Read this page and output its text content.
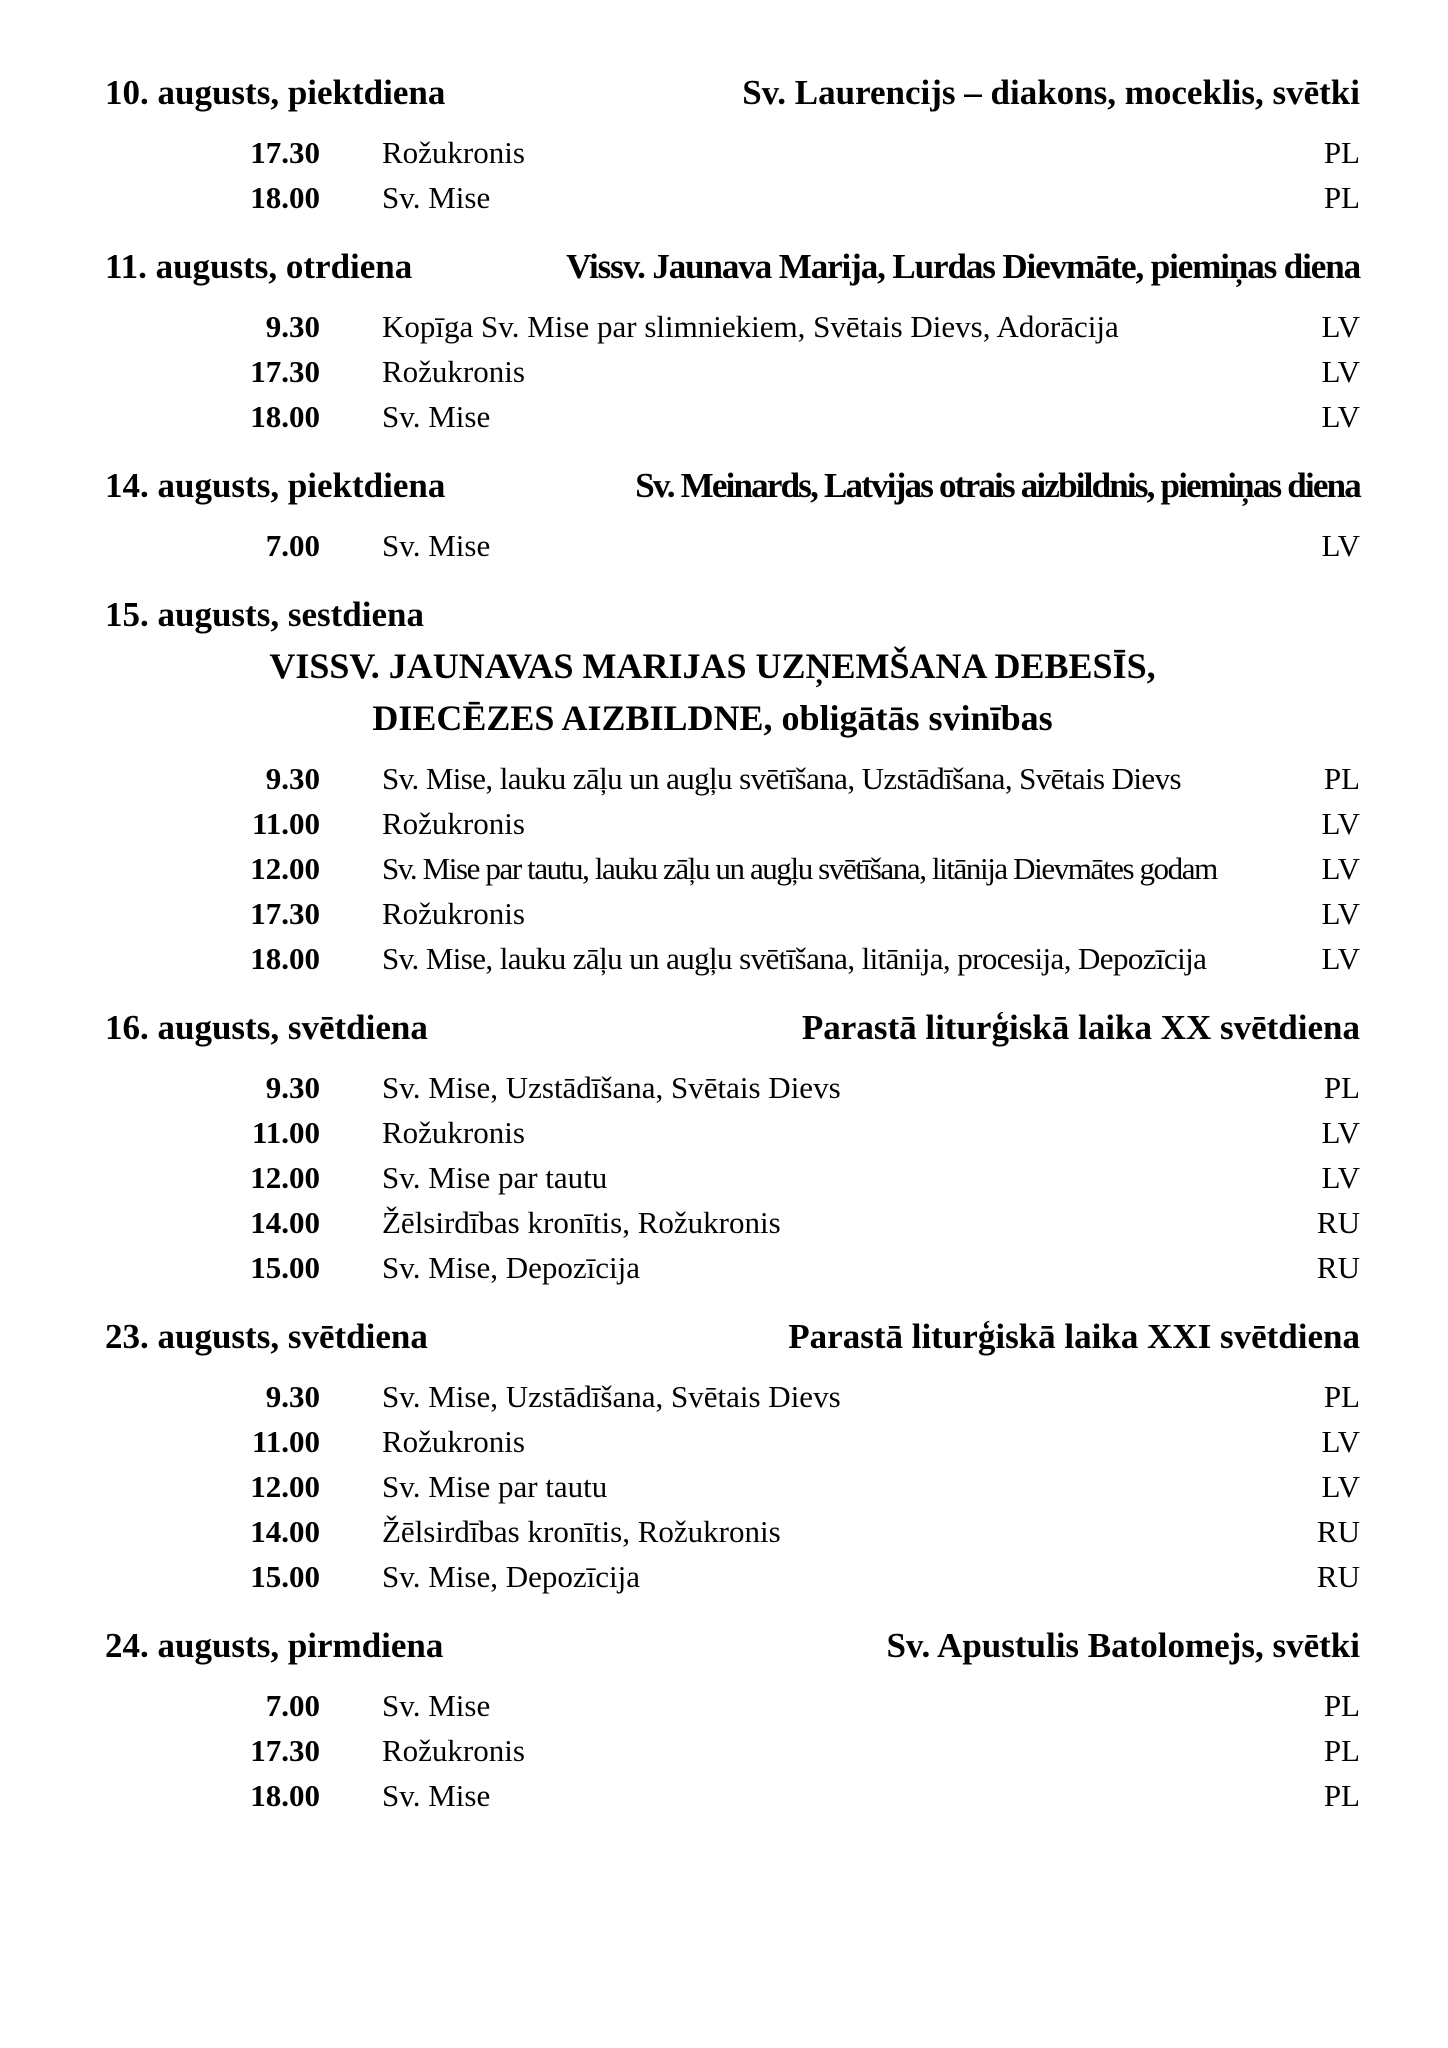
10. augusts, piektdiena	Sv. Laurencijs – diakons, moceklis, svētki
17.30	Rožukronis	PL
18.00	Sv. Mise	PL
11. augusts, otrdiena	Vissv. Jaunava Marija, Lurdas Dievmāte, piemiņas diena
9.30	Kopīga Sv. Mise par slimniekiem, Svētais Dievs, Adorācija	LV
17.30	Rožukronis	LV
18.00	Sv. Mise	LV
14. augusts, piektdiena	Sv. Meinards, Latvijas otrais aizbildnis, piemiņas diena
7.00	Sv. Mise	LV
15. augusts, sestdiena
VISSV. JAUNAVAS MARIJAS UZŅEMŠANA DEBESĪS,
DIECĒZES AIZBILDNE, obligātās svinības
9.30	Sv. Mise, lauku zāļu un augļu svētīšana, Uzstādīšana, Svētais Dievs	PL
11.00	Rožukronis	LV
12.00	Sv. Mise par tautu, lauku zāļu un augļu svētīšana, litānija Dievmātes godam	LV
17.30	Rožukronis	LV
18.00	Sv. Mise, lauku zāļu un augļu svētīšana, litānija, procesija, Depozīcija	LV
16. augusts, svētdiena	Parastā liturģiskā laika XX svētdiena
9.30	Sv. Mise, Uzstādīšana, Svētais Dievs	PL
11.00	Rožukronis	LV
12.00	Sv. Mise par tautu	LV
14.00	Žēlsirdības kronītis, Rožukronis	RU
15.00	Sv. Mise, Depozīcija	RU
23. augusts, svētdiena	Parastā liturģiskā laika XXI svētdiena
9.30	Sv. Mise, Uzstādīšana, Svētais Dievs	PL
11.00	Rožukronis	LV
12.00	Sv. Mise par tautu	LV
14.00	Žēlsirdības kronītis, Rožukronis	RU
15.00	Sv. Mise, Depozīcija	RU
24. augusts, pirmdiena	Sv. Apustulis Batolomejs, svētki
7.00	Sv. Mise	PL
17.30	Rožukronis	PL
18.00	Sv. Mise	PL
